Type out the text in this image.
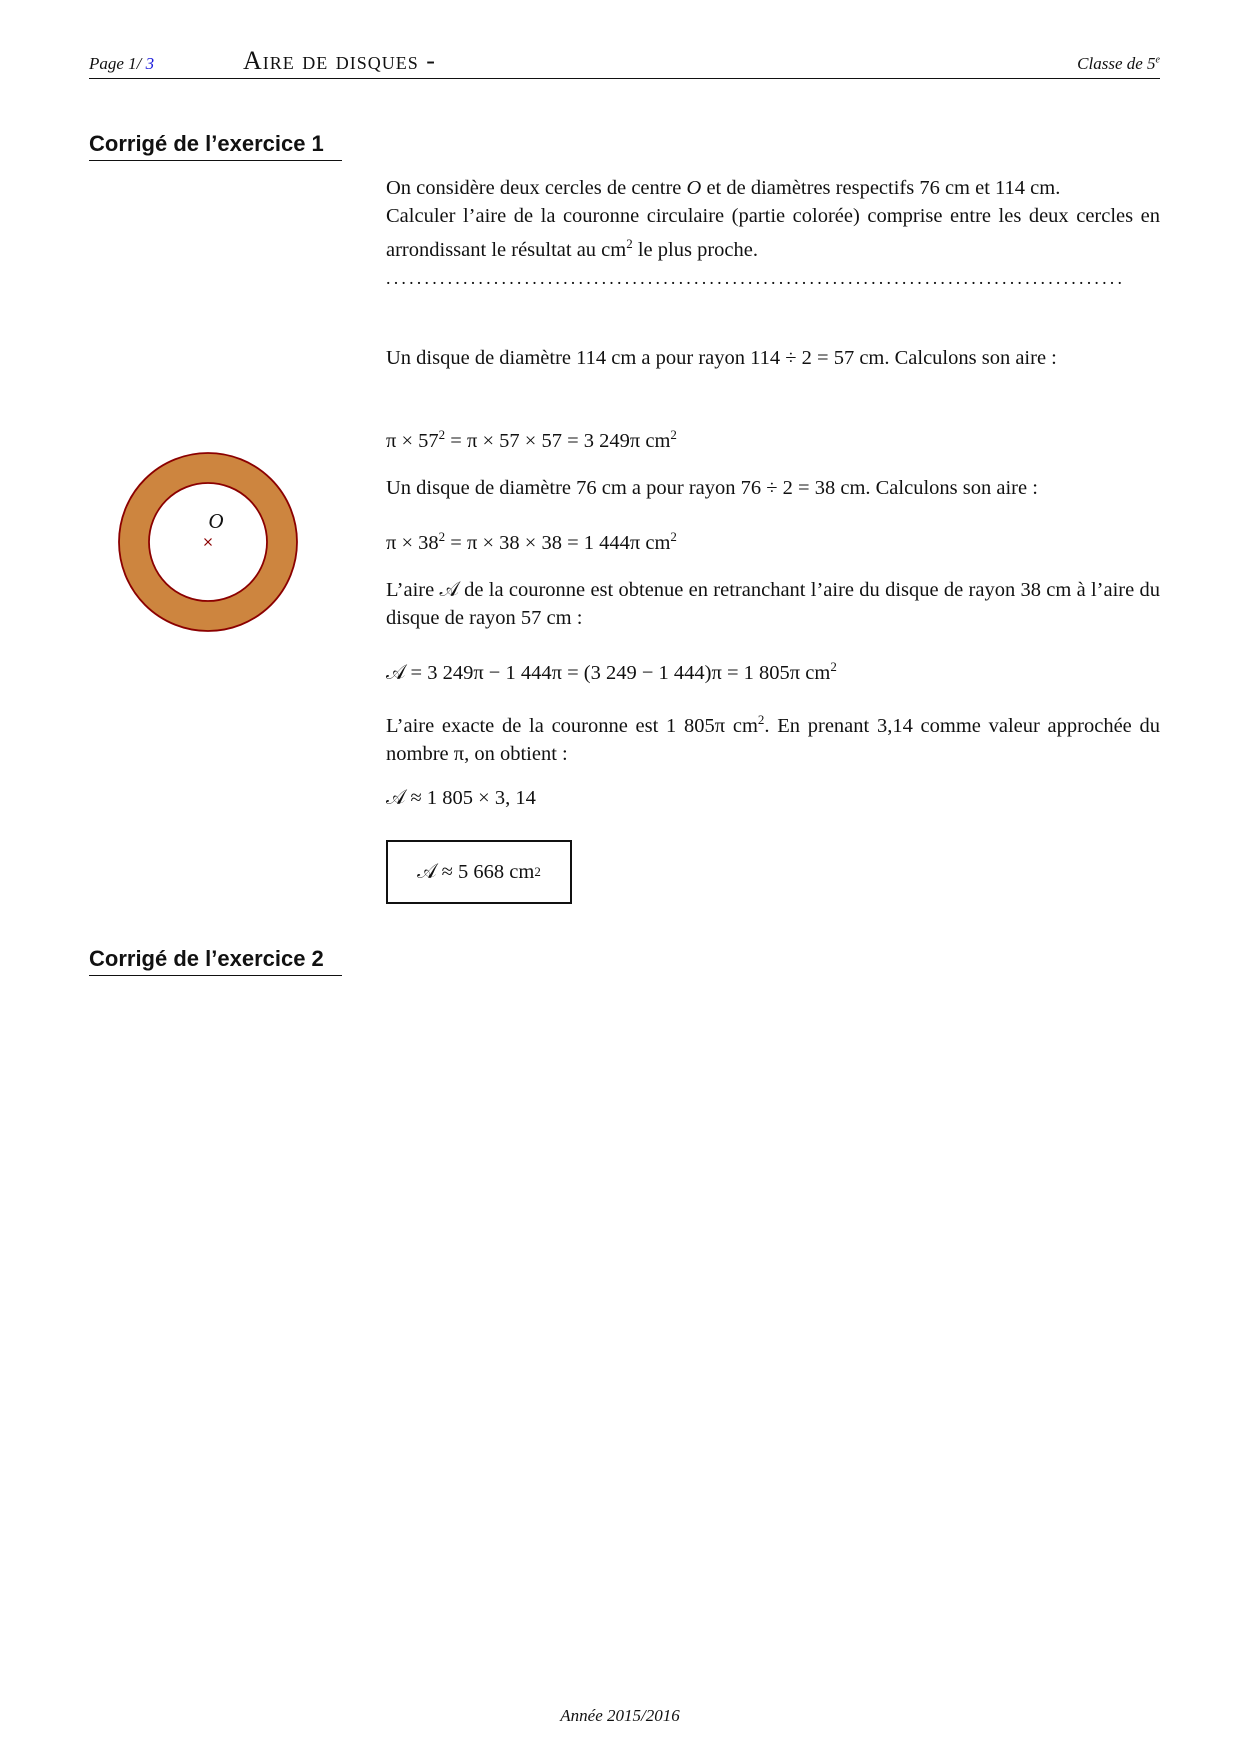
Page 1/ 3	Aire de disques -	Classe de 5e
Corrigé de l’exercice 1
O

On considère deux cercles de centre O et de diamètres respectifs 76 cm et 114 cm.

Calculer l’aire de la couronne circulaire (partie colorée) comprise entre les deux cercles en arrondissant le résultat au $cm^2$ le plus proche.

................................................................................................

Un disque de diamètre 114 cm a pour rayon 114 ÷ 2 = 57 cm. Calculons son aire :

$\pi \times 57^2 = \pi \times 57 \times 57 = 3$ 249π $cm^2$

Un disque de diamètre 76 cm a pour rayon 76 ÷ 2 = 38 cm. Calculons son aire :

$\pi \times 38^2 = \pi \times 38 \times 38 = 1$ 444π $cm^2$

L’aire 𝒜 de la couronne est obtenue en retranchant l’aire du disque de rayon 38 cm à l’aire du disque de rayon 57 cm :

𝒜 = 3 249π − 1 444π = (3 249 − 1 444)π = 1 805π $cm^2$

L’aire exacte de la couronne est 1 805π $cm^2$. En prenant 3,14 comme valeur approchée du nombre π, on obtient :

𝒜 ≈ 1 805 × 3, 14
𝒜 ≈ 5 668 cm 2
Corrigé de l’exercice 2
Année 2015/2016
